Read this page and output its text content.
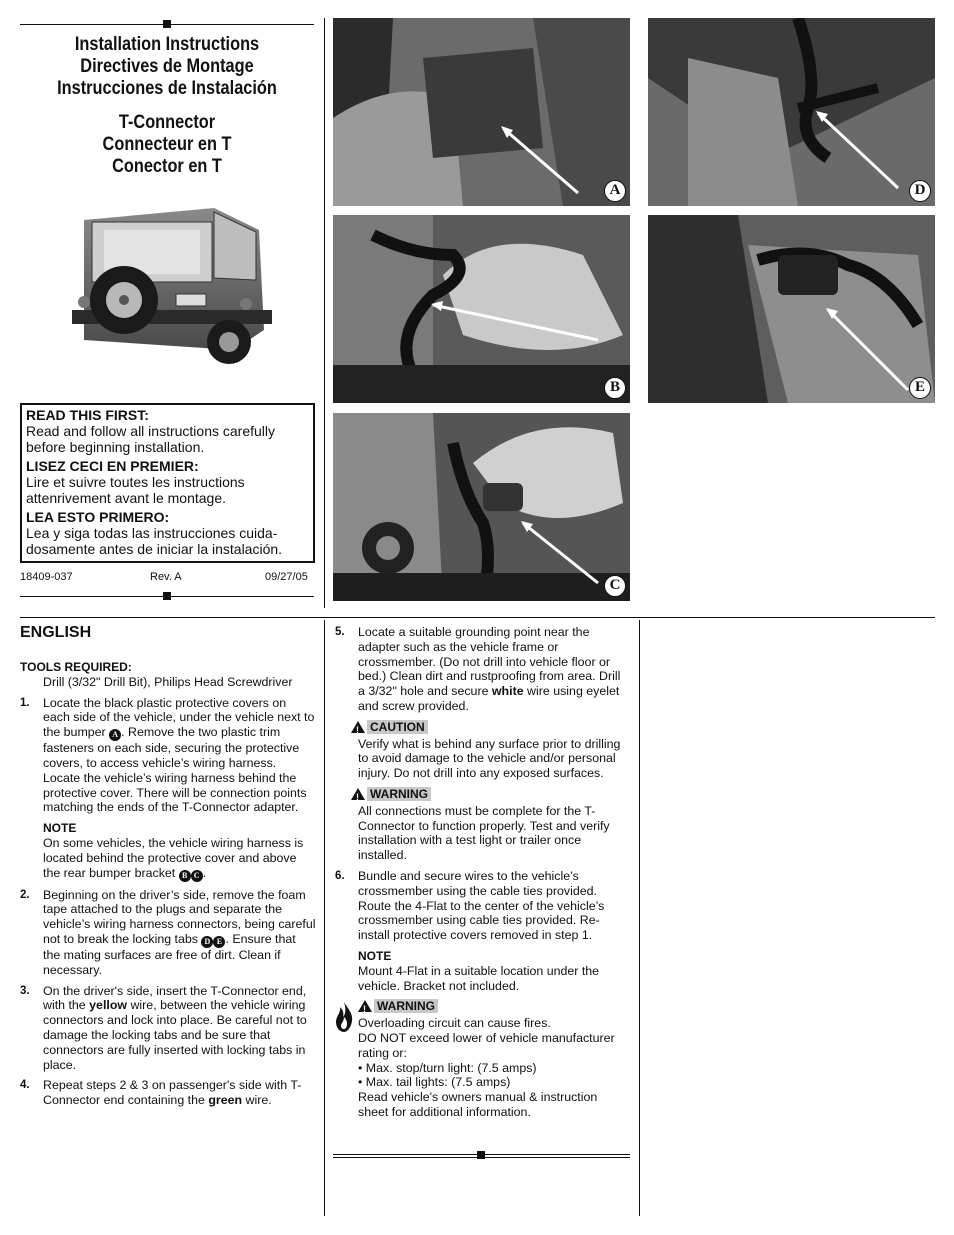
Installation Instructions
Directives de Montage
Instrucciones de Instalación
T-Connector
Connecteur en T
Conector en T
READ THIS FIRST:
Read and follow all instructions carefully before beginning installation.
LISEZ CECI EN PREMIER:
Lire et suivre toutes les instructions attenrivement avant le montage.
LEA ESTO PRIMERO:
Lea y siga todas las instrucciones cuida- dosamente antes de iniciar la instalación.
18409-037	Rev. A	09/27/05
A
B
C
D
E
ENGLISH
TOOLS REQUIRED:
Drill (3/32" Drill Bit), Philips Head Screwdriver
1. Locate the black plastic protective covers on each side of the vehicle, under the vehicle next to the bumper A . Remove the two plastic trim fasteners on each side, securing the protective covers, to access vehicle’s wiring harness. Locate the vehicle’s wiring harness behind the protective cover. There will be connection points matching the ends of the T-Connector adapter.
NOTE
On some vehicles, the vehicle wiring harness is located behind the protective cover and above the rear bumper bracket B C .
2. Beginning on the driver’s side, remove the foam tape attached to the plugs and separate the vehicle’s wiring harness connectors, being careful not to break the locking tabs D E . Ensure that the mating surfaces are free of dirt. Clean if necessary.
3. On the driver's side, insert the T-Connector end, with the yellow wire, between the vehicle wiring connectors and lock into place. Be careful not to damage the locking tabs and be sure that connectors are fully inserted with locking tabs in place.
4. Repeat steps 2 & 3 on passenger's side with T-Connector end containing the green wire.
5. Locate a suitable grounding point near the adapter such as the vehicle frame or crossmember. (Do not drill into vehicle floor or bed.) Clean dirt and rustproofing from area. Drill a 3/32" hole and secure white wire using eyelet and screw provided.
!
CAUTION
Verify what is behind any surface prior to drilling to avoid damage to the vehicle and/or personal injury. Do not drill into any exposed surfaces.
!
WARNING
All connections must be complete for the T-Connector to function properly. Test and verify installation with a test light or trailer once installed.
6. Bundle and secure wires to the vehicle’s crossmember using the cable ties provided. Route the 4-Flat to the center of the vehicle’s crossmember using cable ties provided. Re-install protective covers removed in step 1.
NOTE
Mount 4-Flat in a suitable location under the vehicle. Bracket not included.
!
WARNING
Overloading circuit can cause fires.
DO NOT exceed lower of vehicle manufacturer rating or:
• Max. stop/turn light: (7.5 amps)
• Max. tail lights: (7.5 amps)
Read vehicle's owners manual & instruction sheet for additional information.
